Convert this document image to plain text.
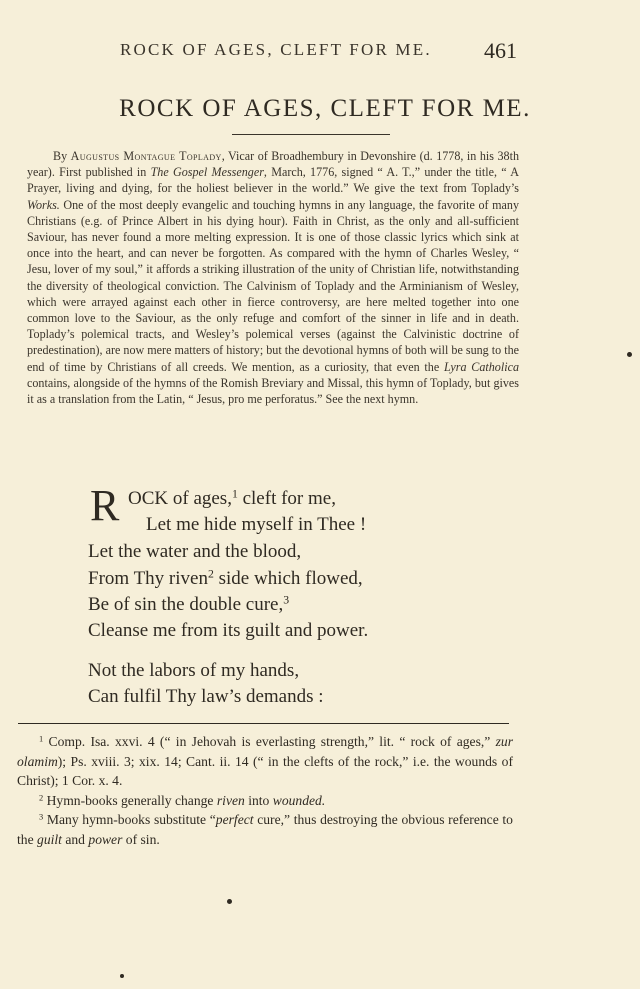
ROCK OF AGES, CLEFT FOR ME. 461
ROCK OF AGES, CLEFT FOR ME.
By Augustus Montague Toplady, Vicar of Broadhembury in Devonshire (d. 1778, in his 38th year). First published in The Gospel Messenger, March, 1776, signed “ A. T.,” under the title, “ A Prayer, living and dying, for the holiest believer in the world.” We give the text from Toplady’s Works. One of the most deeply evangelic and touching hymns in any language, the favorite of many Christians (e.g. of Prince Albert in his dying hour). Faith in Christ, as the only and all-sufficient Saviour, has never found a more melting expression. It is one of those classic lyrics which sink at once into the heart, and can never be forgotten. As compared with the hymn of Charles Wesley, “ Jesu, lover of my soul,” it affords a striking illustration of the unity of Christian life, notwithstanding the diversity of theological conviction. The Calvinism of Toplady and the Arminianism of Wesley, which were arrayed against each other in fierce controversy, are here melted together into one common love to the Saviour, as the only refuge and comfort of the sinner in life and in death. Toplady’s polemical tracts, and Wesley’s polemical verses (against the Calvinistic doctrine of predestination), are now mere matters of history; but the devotional hymns of both will be sung to the end of time by Christians of all creeds. We mention, as a curiosity, that even the Lyra Catholica contains, alongside of the hymns of the Romish Breviary and Missal, this hymn of Toplady, but gives it as a translation from the Latin, “ Jesus, pro me perforatus.” See the next hymn.
R OCK of ages,$^1$ cleft for me,
Let me hide myself in Thee !
Let the water and the blood,
From Thy riven$^2$ side which flowed,
Be of sin the double cure,$^3$
Cleanse me from its guilt and power.
Not the labors of my hands,
Can fulfil Thy law’s demands :
$^1$ Comp. Isa. xxvi. 4 (“ in Jehovah is everlasting strength,” lit. “ rock of ages,” zur olamim); Ps. xviii. 3; xix. 14; Cant. ii. 14 (“ in the clefts of the rock,” i.e. the wounds of Christ); 1 Cor. x. 4.
$^2$ Hymn-books generally change riven into wounded.
$^3$ Many hymn-books substitute “perfect cure,” thus destroying the obvious reference to the guilt and power of sin.
